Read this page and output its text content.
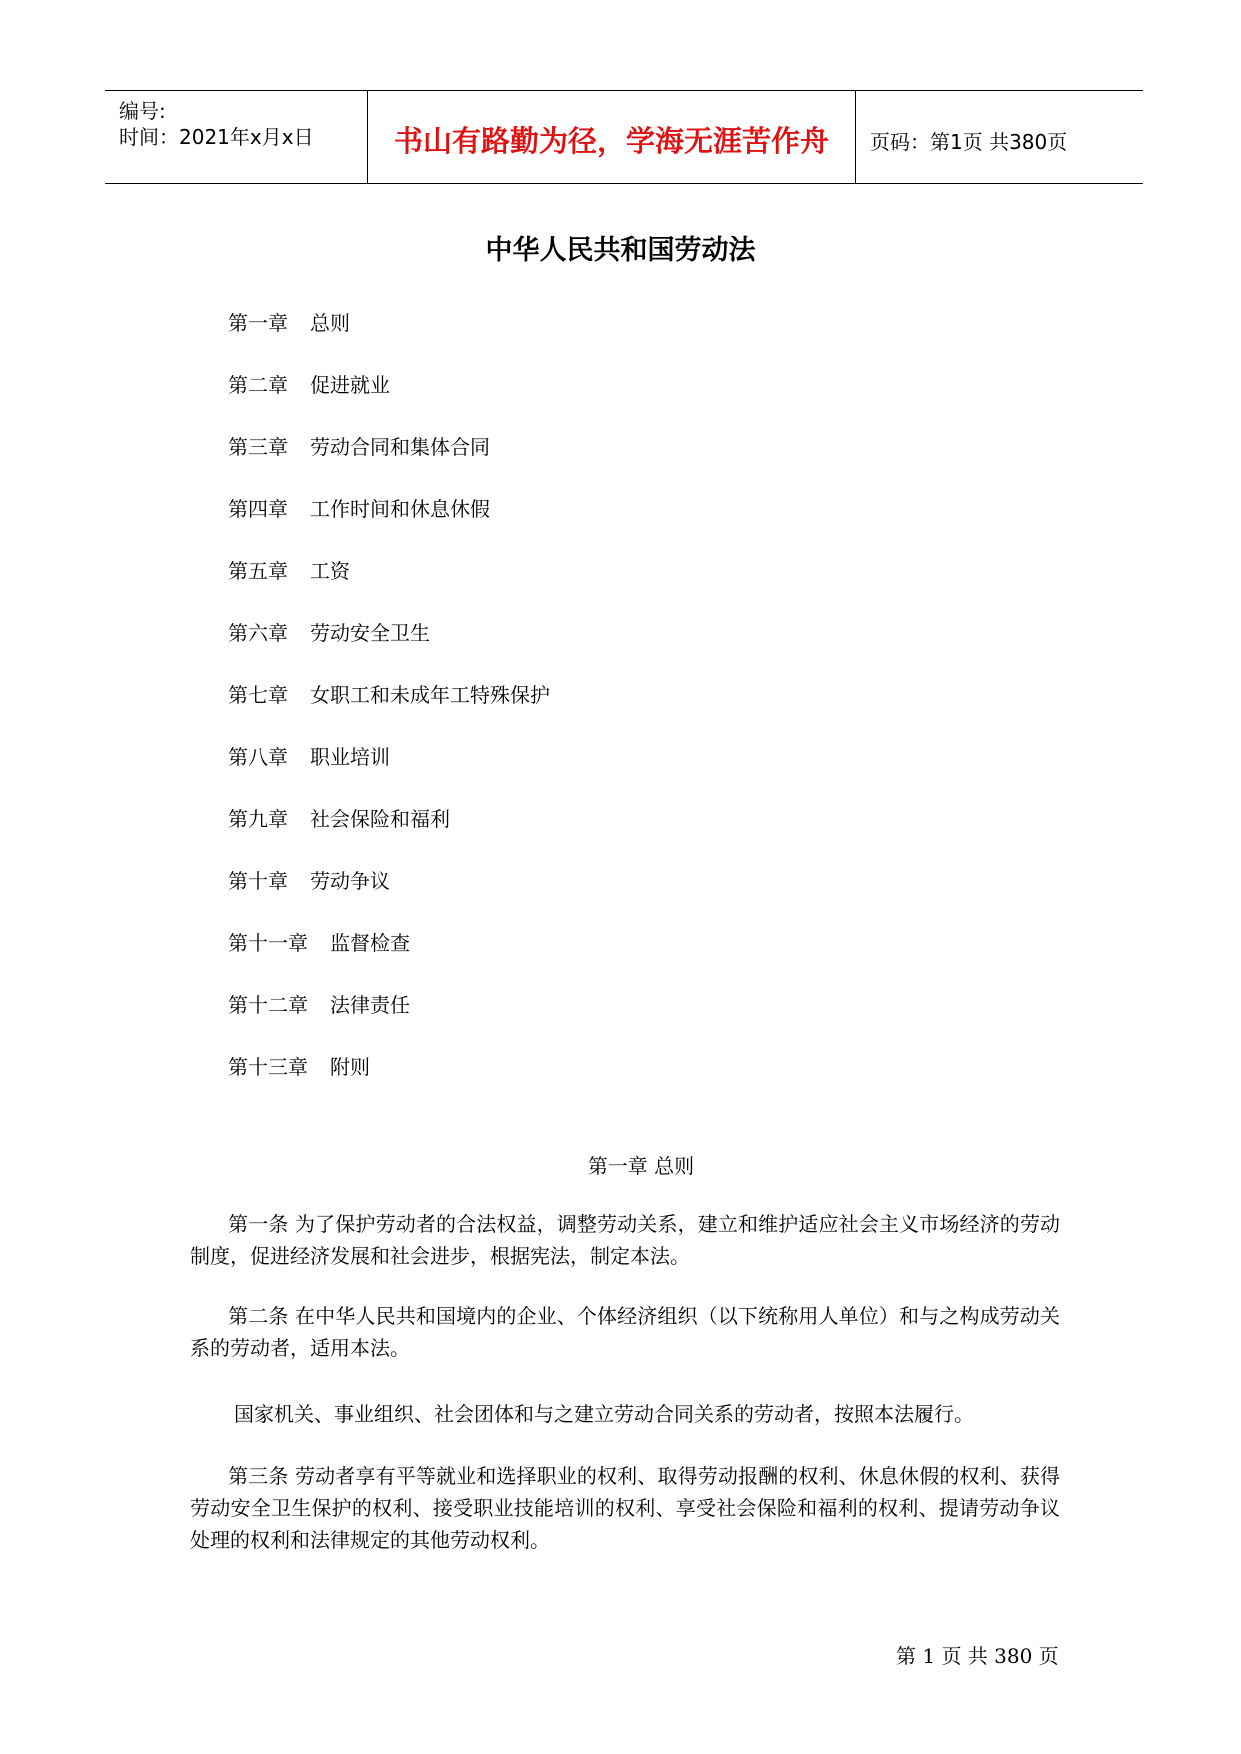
编号:
时间：2021年x月x日	书山有路勤为径，学海无涯苦作舟	页码：第1页 共380页
中华人民共和国劳动法
第一章 总则
第二章 促进就业
第三章 劳动合同和集体合同
第四章 工作时间和休息休假
第五章 工资
第六章 劳动安全卫生
第七章 女职工和未成年工特殊保护
第八章 职业培训
第九章 社会保险和福利
第十章 劳动争议
第十一章 监督检查
第十二章 法律责任
第十三章 附则
第一章 总则
第一条 为了保护劳动者的合法权益，调整劳动关系，建立和维护适应社会主义市场经济的劳动制度，促进经济发展和社会进步，根据宪法，制定本法。
第二条 在中华人民共和国境内的企业、个体经济组织（以下统称用人单位）和与之构成劳动关系的劳动者，适用本法。
国家机关、事业组织、社会团体和与之建立劳动合同关系的劳动者，按照本法履行。
第三条 劳动者享有平等就业和选择职业的权利、取得劳动报酬的权利、休息休假的权利、获得劳动安全卫生保护的权利、接受职业技能培训的权利、享受社会保险和福利的权利、提请劳动争议处理的权利和法律规定的其他劳动权利。
第 1 页 共 380 页
